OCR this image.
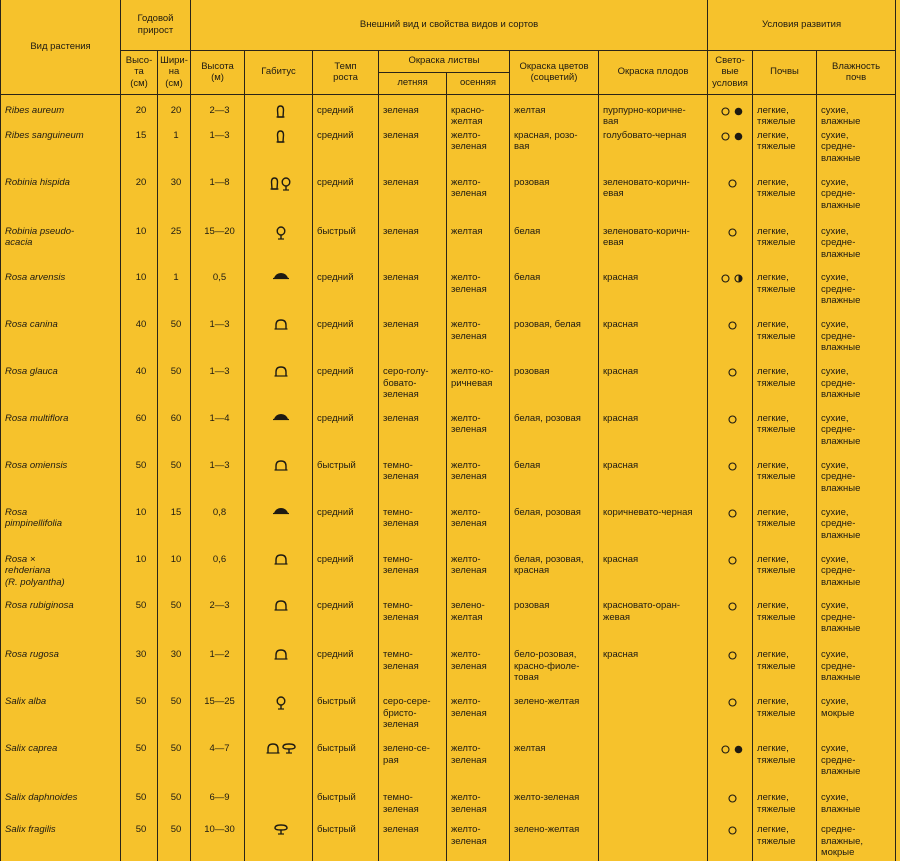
Вид растения	Годовой прирост		Внешний вид и свойства видов и сортов							Условия развития		
	Высо-
та
(см)	Шири-
на
(см)	Высота
(м)	Габитус	Темп
роста	Окраска листвы		Окраска цветов
(соцветий)	Окраска плодов	Свето-
вые
условия	Почвы	Влажность
почв
						летняя	осенняя					
Ribes aureum	20	20	2—3		средний	зеленая	красно-
желтая	желтая	пурпурно-коричне-
вая		легкие,
тяжелые	сухие,
влажные
Ribes sanguineum	15	1	1—3		средний	зеленая	желто-
зеленая	красная, розо-
вая	голубовато-черная		легкие,
тяжелые	сухие,
средне-
влажные
Robinia hispida	20	30	1—8		средний	зеленая	желто-
зеленая	розовая	зеленовато-коричн-
евая		легкие,
тяжелые	сухие,
средне-
влажные
Robinia pseudo-
acacia	10	25	15—20		быстрый	зеленая	желтая	белая	зеленовато-коричн-
евая		легкие,
тяжелые	сухие,
средне-
влажные
Rosa arvensis	10	1	0,5		средний	зеленая	желто-
зеленая	белая	красная		легкие,
тяжелые	сухие,
средне-
влажные
Rosa canina	40	50	1—3		средний	зеленая	желто-
зеленая	розовая, белая	красная		легкие,
тяжелые	сухие,
средне-
влажные
Rosa glauca	40	50	1—3		средний	серо-голу-
бовато-
зеленая	желто-ко-
ричневая	розовая	красная		легкие,
тяжелые	сухие,
средне-
влажные
Rosa multiflora	60	60	1—4		средний	зеленая	желто-
зеленая	белая, розовая	красная		легкие,
тяжелые	сухие,
средне-
влажные
Rosa omiensis	50	50	1—3		быстрый	темно-
зеленая	желто-
зеленая	белая	красная		легкие,
тяжелые	сухие,
средне-
влажные
Rosa
pimpinellifolia	10	15	0,8		средний	темно-
зеленая	желто-
зеленая	белая, розовая	коричневато-черная		легкие,
тяжелые	сухие,
средне-
влажные
Rosa ×
rehderiana
(R. polyantha)	10	10	0,6		средний	темно-
зеленая	желто-
зеленая	белая, розовая,
красная	красная		легкие,
тяжелые	сухие,
средне-
влажные
Rosa rubiginosa	50	50	2—3		средний	темно-
зеленая	зелено-
желтая	розовая	красновато-оран-
жевая		легкие,
тяжелые	сухие,
средне-
влажные
Rosa rugosa	30	30	1—2		средний	темно-
зеленая	желто-
зеленая	бело-розовая,
красно-фиоле-
товая	красная		легкие,
тяжелые	сухие,
средне-
влажные
Salix alba	50	50	15—25		быстрый	серо-сере-
бристо-
зеленая	желто-
зеленая	зелено-желтая			легкие,
тяжелые	сухие,
мокрые
Salix caprea	50	50	4—7		быстрый	зелено-се-
рая	желто-
зеленая	желтая			легкие,
тяжелые	сухие,
средне-
влажные
Salix daphnoides	50	50	6—9		быстрый	темно-
зеленая	желто-
зеленая	желто-зеленая			легкие,
тяжелые	сухие,
влажные
Salix fragilis	50	50	10—30		быстрый	зеленая	желто-
зеленая	зелено-желтая			легкие,
тяжелые	средне-
влажные,
мокрые
